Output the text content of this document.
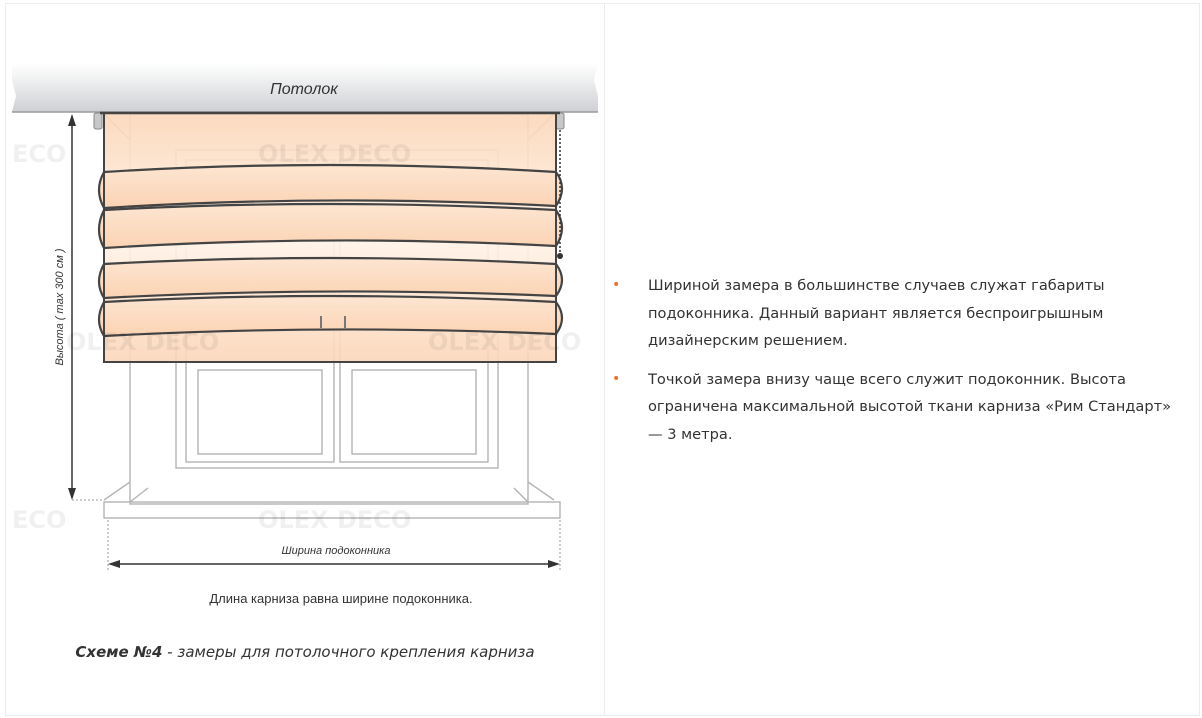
Потолок
Высота ( max 300 см )
Ширина подоконника
Длина карниза равна ширине подоконника.
ECO	OLEX DECO
OLEX DECO	OLEX DECO
ECO	OLEX DECO
Схеме №4 - замеры для потолочного крепления карниза
• Шириной замера в большинстве случаев служат габариты
подоконника. Данный вариант является беспроигрышным
дизайнерским решением.
• Точкой замера внизу чаще всего служит подоконник. Высота
ограничена максимальной высотой ткани карниза «Рим Стандарт»
— 3 метра.
